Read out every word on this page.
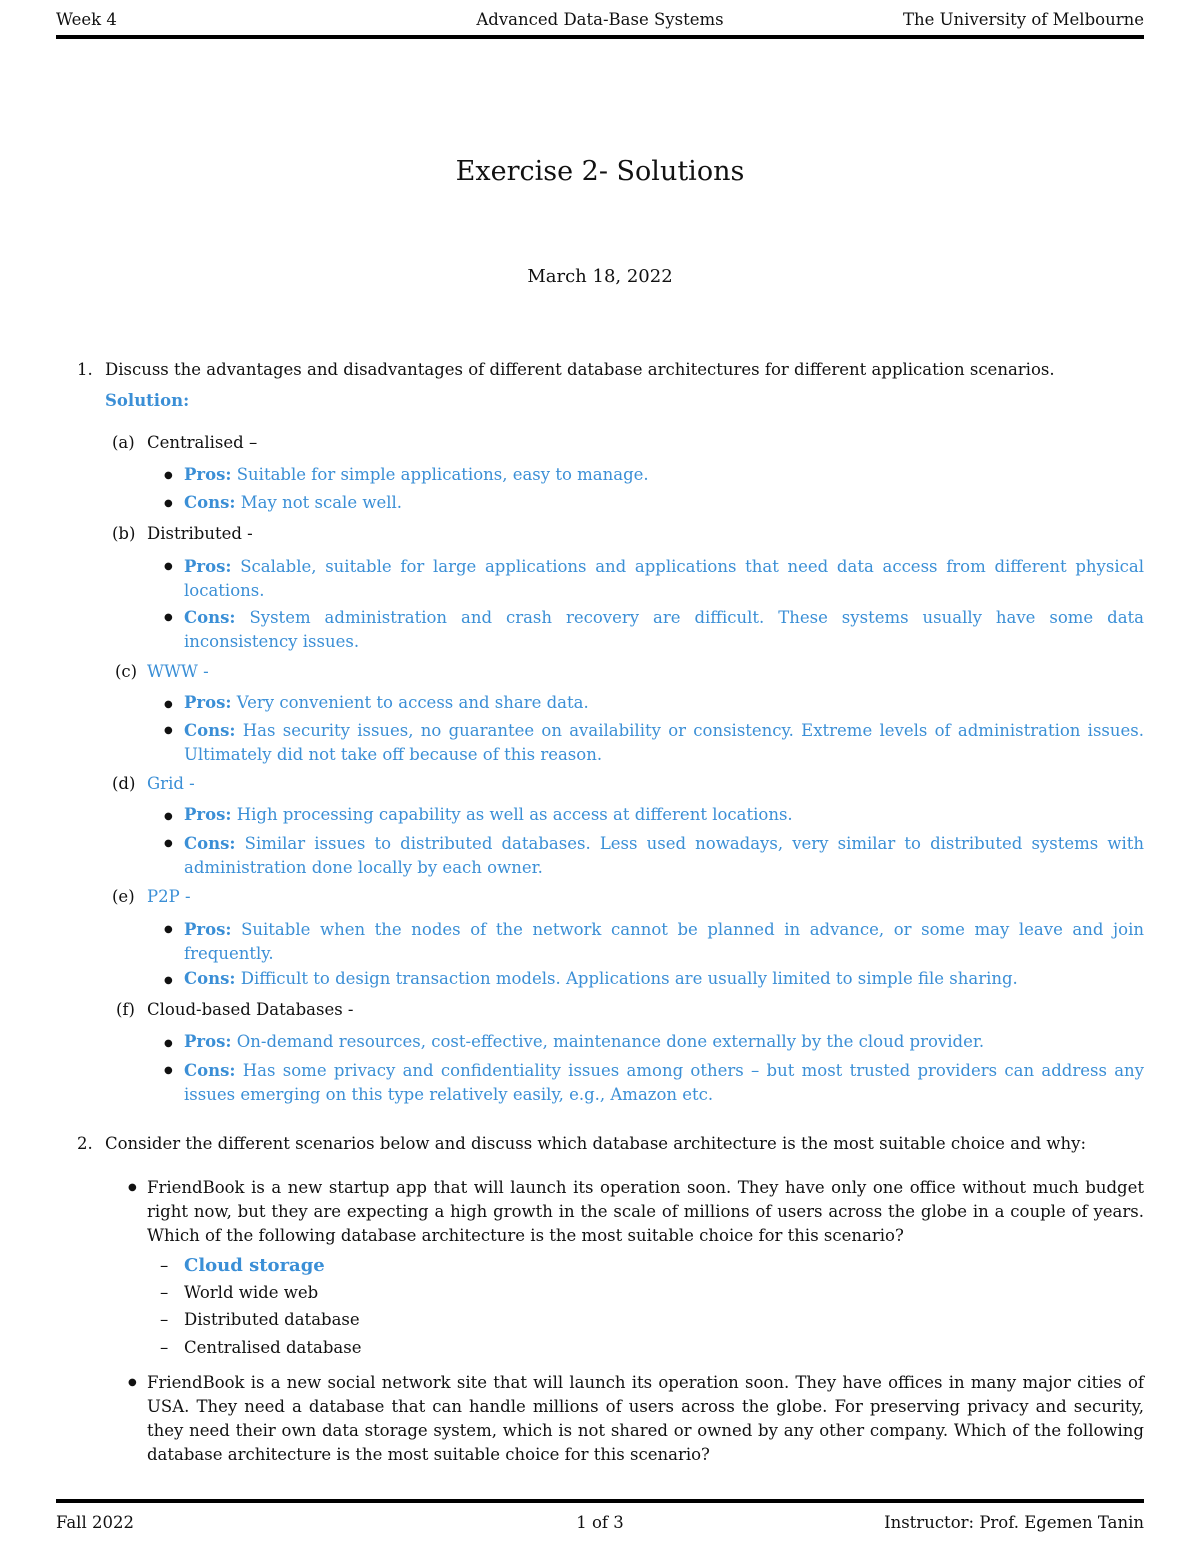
Week 4	Advanced Data-Base Systems	The University of Melbourne
Exercise 2- Solutions
March 18, 2022
1. Discuss the advantages and disadvantages of different database architectures for different application scenarios.
Solution:
(a) Centralised –
● Pros: Suitable for simple applications, easy to manage.
● Cons: May not scale well.
(b) Distributed -
● Pros: Scalable, suitable for large applications and applications that need data access from different physical locations.
● Cons: System administration and crash recovery are difficult. These systems usually have some data inconsistency issues.
(c) WWW -
● Pros: Very convenient to access and share data.
● Cons: Has security issues, no guarantee on availability or consistency. Extreme levels of administration issues. Ultimately did not take off because of this reason.
(d) Grid -
● Pros: High processing capability as well as access at different locations.
● Cons: Similar issues to distributed databases. Less used nowadays, very similar to distributed systems with administration done locally by each owner.
(e) P2P -
● Pros: Suitable when the nodes of the network cannot be planned in advance, or some may leave and join frequently.
● Cons: Difficult to design transaction models. Applications are usually limited to simple file sharing.
(f) Cloud-based Databases -
● Pros: On-demand resources, cost-effective, maintenance done externally by the cloud provider.
● Cons: Has some privacy and confidentiality issues among others – but most trusted providers can address any issues emerging on this type relatively easily, e.g., Amazon etc.
2. Consider the different scenarios below and discuss which database architecture is the most suitable choice and why:
● FriendBook is a new startup app that will launch its operation soon. They have only one office without much budget right now, but they are expecting a high growth in the scale of millions of users across the globe in a couple of years. Which of the following database architecture is the most suitable choice for this scenario?
– Cloud storage
– World wide web
– Distributed database
– Centralised database
● FriendBook is a new social network site that will launch its operation soon. They have offices in many major cities of USA. They need a database that can handle millions of users across the globe. For preserving privacy and security, they need their own data storage system, which is not shared or owned by any other company. Which of the following database architecture is the most suitable choice for this scenario?
Fall 2022	1 of 3	Instructor: Prof. Egemen Tanin
